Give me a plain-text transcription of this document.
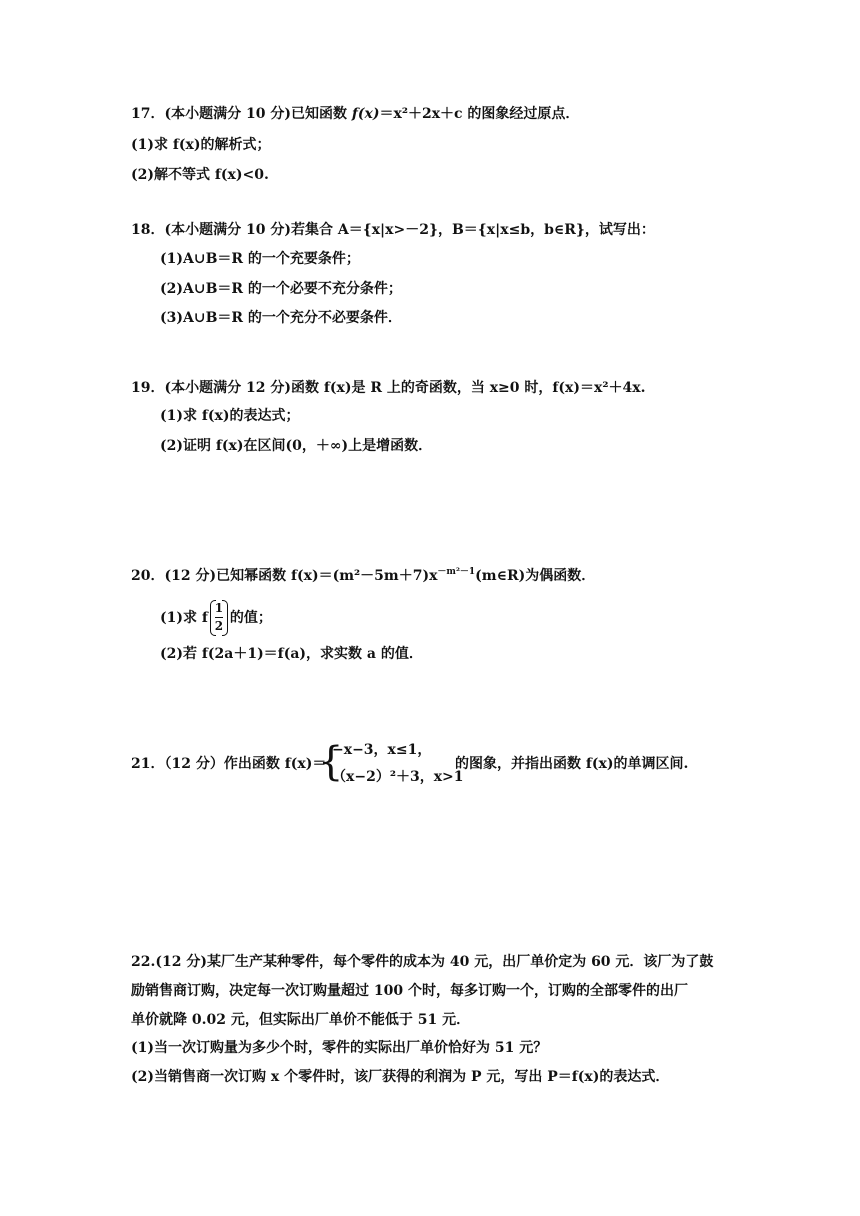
17．(本小题满分 10 分)已知函数 f(x)＝x²＋2x＋c 的图象经过原点．
(1)求 f(x)的解析式；
(2)解不等式 f(x)<0.
18．(本小题满分 10 分)若集合 A＝{x|x>－2}，B＝{x|x≤b，b∈R}，试写出：
(1)A∪B＝R 的一个充要条件；
(2)A∪B＝R 的一个必要不充分条件；
(3)A∪B＝R 的一个充分不必要条件．
19．(本小题满分 12 分)函数 f(x)是 R 上的奇函数，当 x≥0 时，f(x)＝x²＋4x.
(1)求 f(x)的表达式；
(2)证明 f(x)在区间(0，＋∞)上是增函数．
20．(12 分)已知幂函数 $f(x)=(m^2-5m+7)x^{-m^2-1}(m\in R)$为偶函数．
(1)求 f $\frac{1}{2}$ 的值；
(2)若 f(2a＋1)＝f(a)，求实数 a 的值．
21．（12 分）作出函数 f(x)＝
{
−x−3，x≤1，
（x−2）²＋3，x>1
的图象，并指出函数 f(x)的单调区间.
22.(12 分)某厂生产某种零件，每个零件的成本为 40 元，出厂单价定为 60 元．该厂为了鼓
励销售商订购，决定每一次订购量超过 100 个时，每多订购一个，订购的全部零件的出厂
单价就降 0.02 元，但实际出厂单价不能低于 51 元．
(1)当一次订购量为多少个时，零件的实际出厂单价恰好为 51 元？
(2)当销售商一次订购 x 个零件时，该厂获得的利润为 P 元，写出 P＝f(x)的表达式．
